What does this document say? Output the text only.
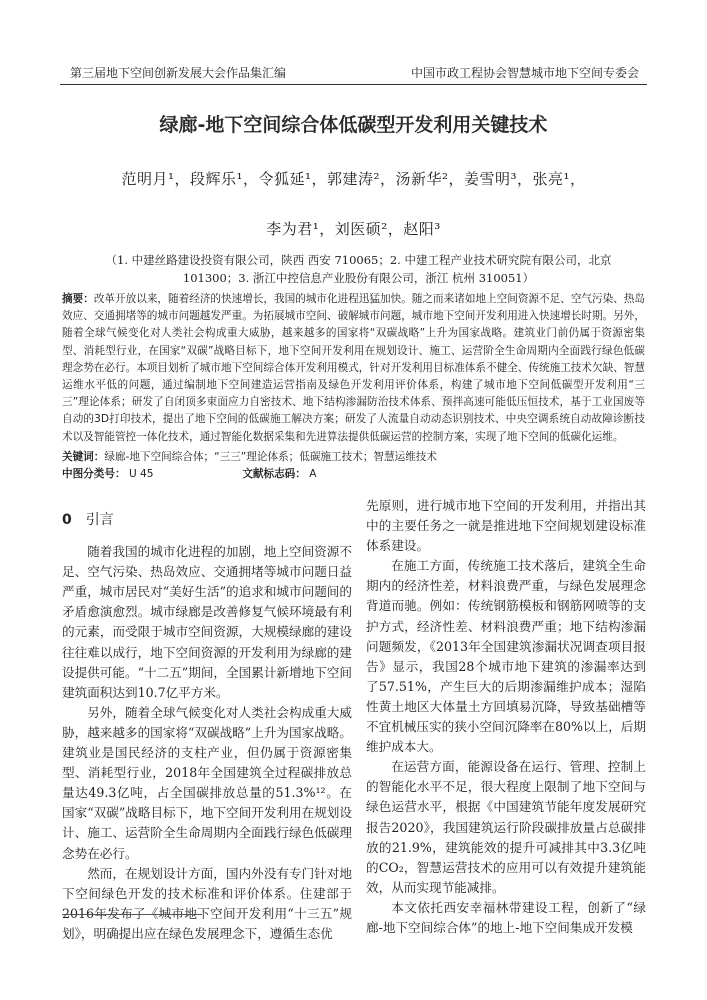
第三届地下空间创新发展大会作品集汇编	中国市政工程协会智慧城市地下空间专委会
绿廊-地下空间综合体低碳型开发利用关键技术
范明月¹，段辉乐¹，令狐延¹，郭建涛²，汤新华²，姜雪明³，张亮¹，
李为君¹，刘医硕²，赵阳³
（1. 中建丝路建设投资有限公司，陕西 西安 710065；2. 中建工程产业技术研究院有限公司，北京 101300；3. 浙江中控信息产业股份有限公司，浙江 杭州 310051）
摘要：改革开放以来，随着经济的快速增长，我国的城市化进程迅猛加快。随之而来诸如地上空间资源不足、空气污染、热岛效应、交通拥堵等的城市问题越发严重。为拓展城市空间、破解城市问题，城市地下空间开发利用进入快速增长时期。另外，随着全球气候变化对人类社会构成重大威胁，越来越多的国家将“双碳战略”上升为国家战略。建筑业门前仍属于资源密集型、消耗型行业，在国家“双碳”战略目标下，地下空间开发利用在规划设计、施工、运营阶全生命周期内全面践行绿色低碳理念势在必行。本项目划析了城市地下空间综合体开发利用模式，针对开发利用目标准体系不健全、传统施工技术欠缺、智慧运维水平低的问题，通过编制地下空间建造运营指南及绿色开发利用评价体系，构建了城市地下空间低碳型开发利用“三三”理论体系；研发了自闭顶多束面应力自密技术、地下结构渗漏防治技术体系、预拌高速可能低压恒技术，基于工业国废等自动的3D打印技术，提出了地下空间的低碳施工解决方案；研发了人流量自动动态识别技术、中央空调系统自动故障诊断技术以及智能管控一体化技术，通过智能化数据采集和先进算法提供低碳运营的控制方案，实现了地下空间的低碳化运维。
关键词：绿廊-地下空间综合体；“三三”理论体系；低碳施工技术；智慧运维技术
中图分类号： U 45	文献标志码： A
0 引言

随着我国的城市化进程的加剧，地上空间资源不足、空气污染、热岛效应、交通拥堵等城市问题日益严重，城市居民对“美好生活”的追求和城市问题间的矛盾愈演愈烈。城市绿廊是改善修复气候环境最有利的元素，而受限于城市空间资源，大规模绿廊的建设往往难以成行，地下空间资源的开发利用为绿廊的建设提供可能。“十二五”期间，全国累计新增地下空间建筑面积达到10.7亿平方米。

另外，随着全球气候变化对人类社会构成重大威胁，越来越多的国家将“双碳战略”上升为国家战略。建筑业是国民经济的支柱产业，但仍属于资源密集型、消耗型行业，2018年全国建筑全过程碳排放总量达49.3亿吨，占全国碳排放总量的51.3%¹²。在国家“双碳”战略目标下，地下空间开发利用在规划设计、施工、运营阶全生命周期内全面践行绿色低碳理念势在必行。

然而，在规划设计方面，国内外没有专门针对地下空间绿色开发的技术标准和评价体系。住建部于2016年发布了《城市地下空间开发利用“十三五”规划》，明确提出应在绿色发展理念下，遵循生态优

先原则，进行城市地下空间的开发利用，并指出其中的主要任务之一就是推进地下空间规划建设标准体系建设。

在施工方面，传统施工技术落后，建筑全生命期内的经济性差，材料浪费严重，与绿色发展理念背道而驰。例如：传统钢筋模板和钢筋网喷等的支护方式，经济性差、材料浪费严重；地下结构渗漏问题频发，《2013年全国建筑渗漏状况调查项目报告》显示，我国28个城市地下建筑的渗漏率达到了57.51%，产生巨大的后期渗漏维护成本；湿陷性黄土地区大体量土方回填易沉降，导致基础槽等不宜机械压实的狭小空间沉降率在80%以上，后期维护成本大。

在运营方面，能源设备在运行、管理、控制上的智能化水平不足，很大程度上限制了地下空间与绿色运营水平，根据《中国建筑节能年度发展研究报告2020》，我国建筑运行阶段碳排放量占总碳排放的21.9%，建筑能效的提升可减排其中3.3亿吨的CO₂，智慧运营技术的应用可以有效提升建筑能效，从而实现节能减排。

本文依托西安幸福林带建设工程，创新了“绿廊-地下空间综合体”的地上-地下空间集成开发模
